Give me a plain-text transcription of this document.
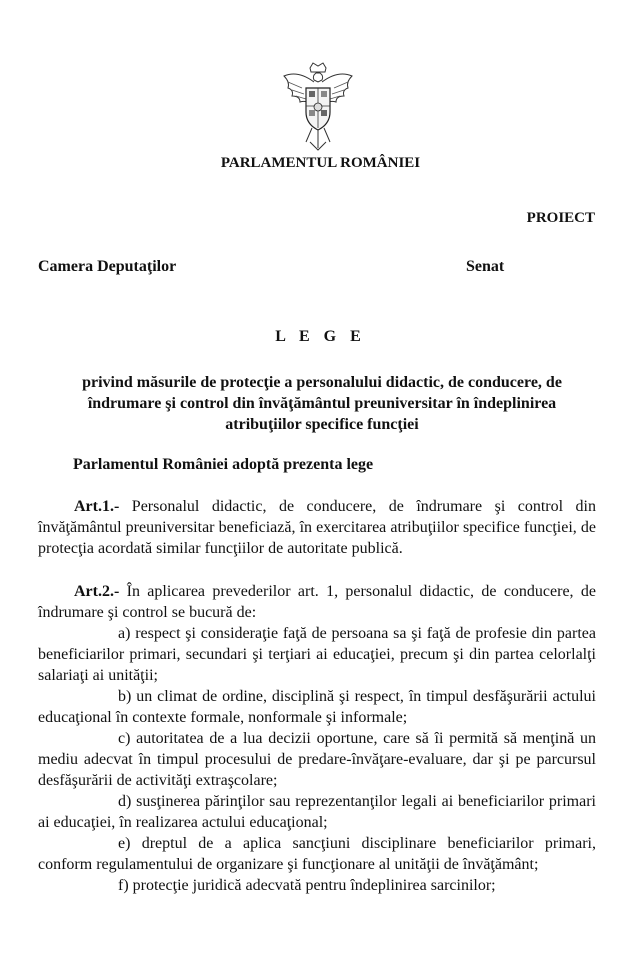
PARLAMENTUL ROMÂNIEI
PROIECT
Camera Deputaţilor	Senat
L E G E
privind măsurile de protecţie a personalului didactic, de conducere, de îndrumare şi control din învăţământul preuniversitar în îndeplinirea atribuţiilor specifice funcţiei
Parlamentul României adoptă prezenta lege

Art.1.- Personalul didactic, de conducere, de îndrumare şi control din învăţământul preuniversitar beneficiază, în exercitarea atribuţiilor specifice funcţiei, de protecţia acordată similar funcţiilor de autoritate publică.

Art.2.- În aplicarea prevederilor art. 1, personalul didactic, de conducere, de îndrumare şi control se bucură de:

a) respect şi consideraţie faţă de persoana sa şi faţă de profesie din partea beneficiarilor primari, secundari şi terţiari ai educaţiei, precum şi din partea celorlalţi salariaţi ai unităţii;

b) un climat de ordine, disciplină şi respect, în timpul desfăşurării actului educaţional în contexte formale, nonformale şi informale;

c) autoritatea de a lua decizii oportune, care să îi permită să menţină un mediu adecvat în timpul procesului de predare-învăţare-evaluare, dar şi pe parcursul desfăşurării de activităţi extraşcolare;

d) susţinerea părinţilor sau reprezentanţilor legali ai beneficiarilor primari ai educaţiei, în realizarea actului educaţional;

e) dreptul de a aplica sancţiuni disciplinare beneficiarilor primari, conform regulamentului de organizare şi funcţionare al unităţii de învăţământ;

f) protecţie juridică adecvată pentru îndeplinirea sarcinilor;
